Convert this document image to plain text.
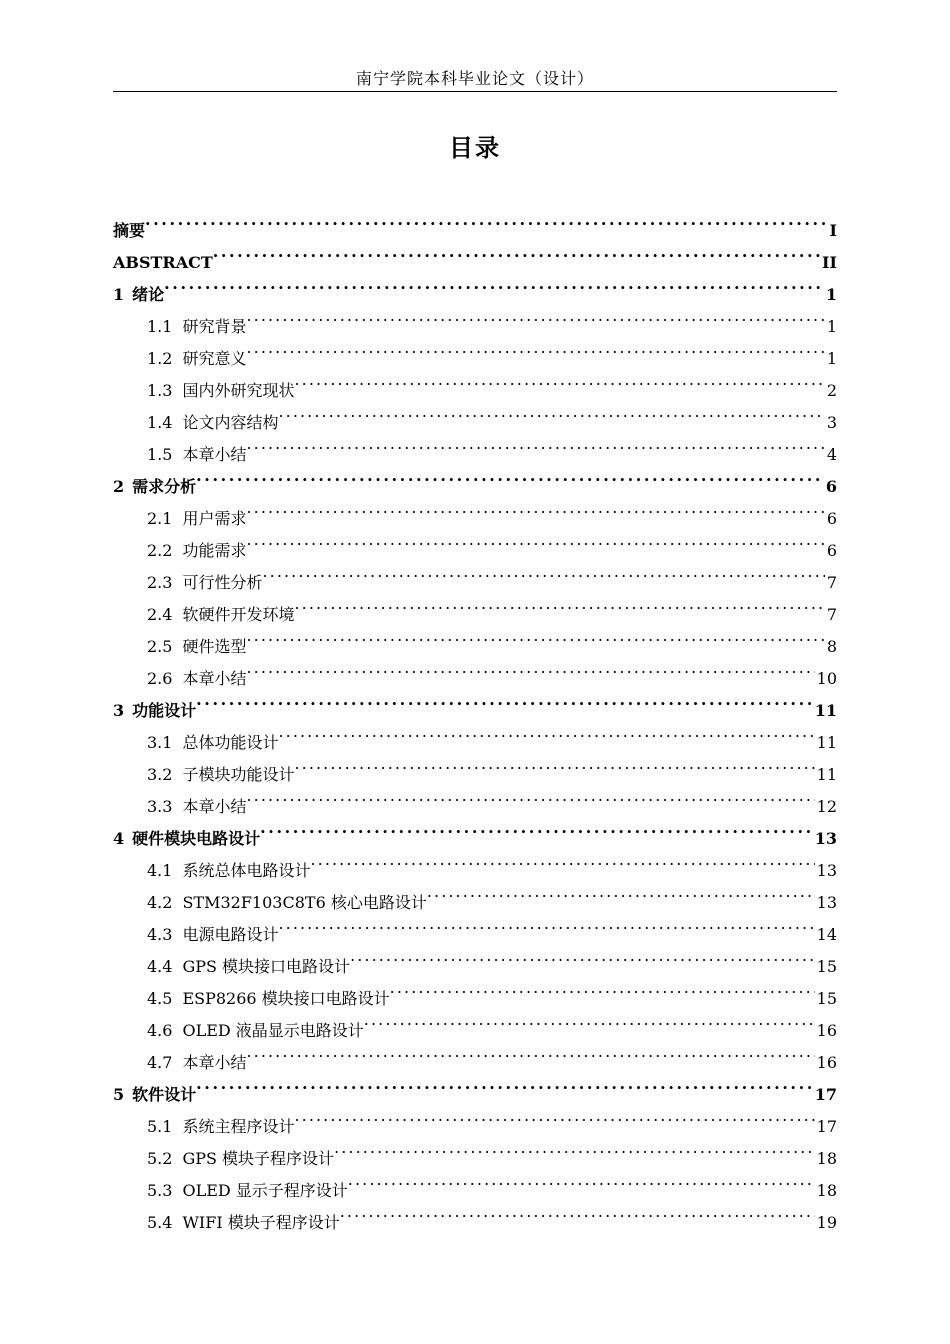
南宁学院本科毕业论文（设计）
目录
摘要 . . .	I
ABSTRACT . . .	II
1 绪论 . . .	1
1.1 研究背景 . . .	1
1.2 研究意义 . . .	1
1.3 国内外研究现状 . . .	2
1.4 论文内容结构 . . .	3
1.5 本章小结 . . .	4
2 需求分析 . . .	6
2.1 用户需求 . . .	6
2.2 功能需求 . . .	6
2.3 可行性分析 . . .	7
2.4 软硬件开发环境 . . .	7
2.5 硬件选型 . . .	8
2.6 本章小结 . . .	10
3 功能设计 . . .	11
3.1 总体功能设计 . . .	11
3.2 子模块功能设计 . . .	11
3.3 本章小结 . . .	12
4 硬件模块电路设计 . . .	13
4.1 系统总体电路设计 . . .	13
4.2 STM32F103C8T6 核心电路设计 . . .	13
4.3 电源电路设计 . . .	14
4.4 GPS 模块接口电路设计 . . .	15
4.5 ESP8266 模块接口电路设计 . . .	15
4.6 OLED 液晶显示电路设计 . . .	16
4.7 本章小结 . . .	16
5 软件设计 . . .	17
5.1 系统主程序设计 . . .	17
5.2 GPS 模块子程序设计 . . .	18
5.3 OLED 显示子程序设计 . . .	18
5.4 WIFI 模块子程序设计 . . .	19
